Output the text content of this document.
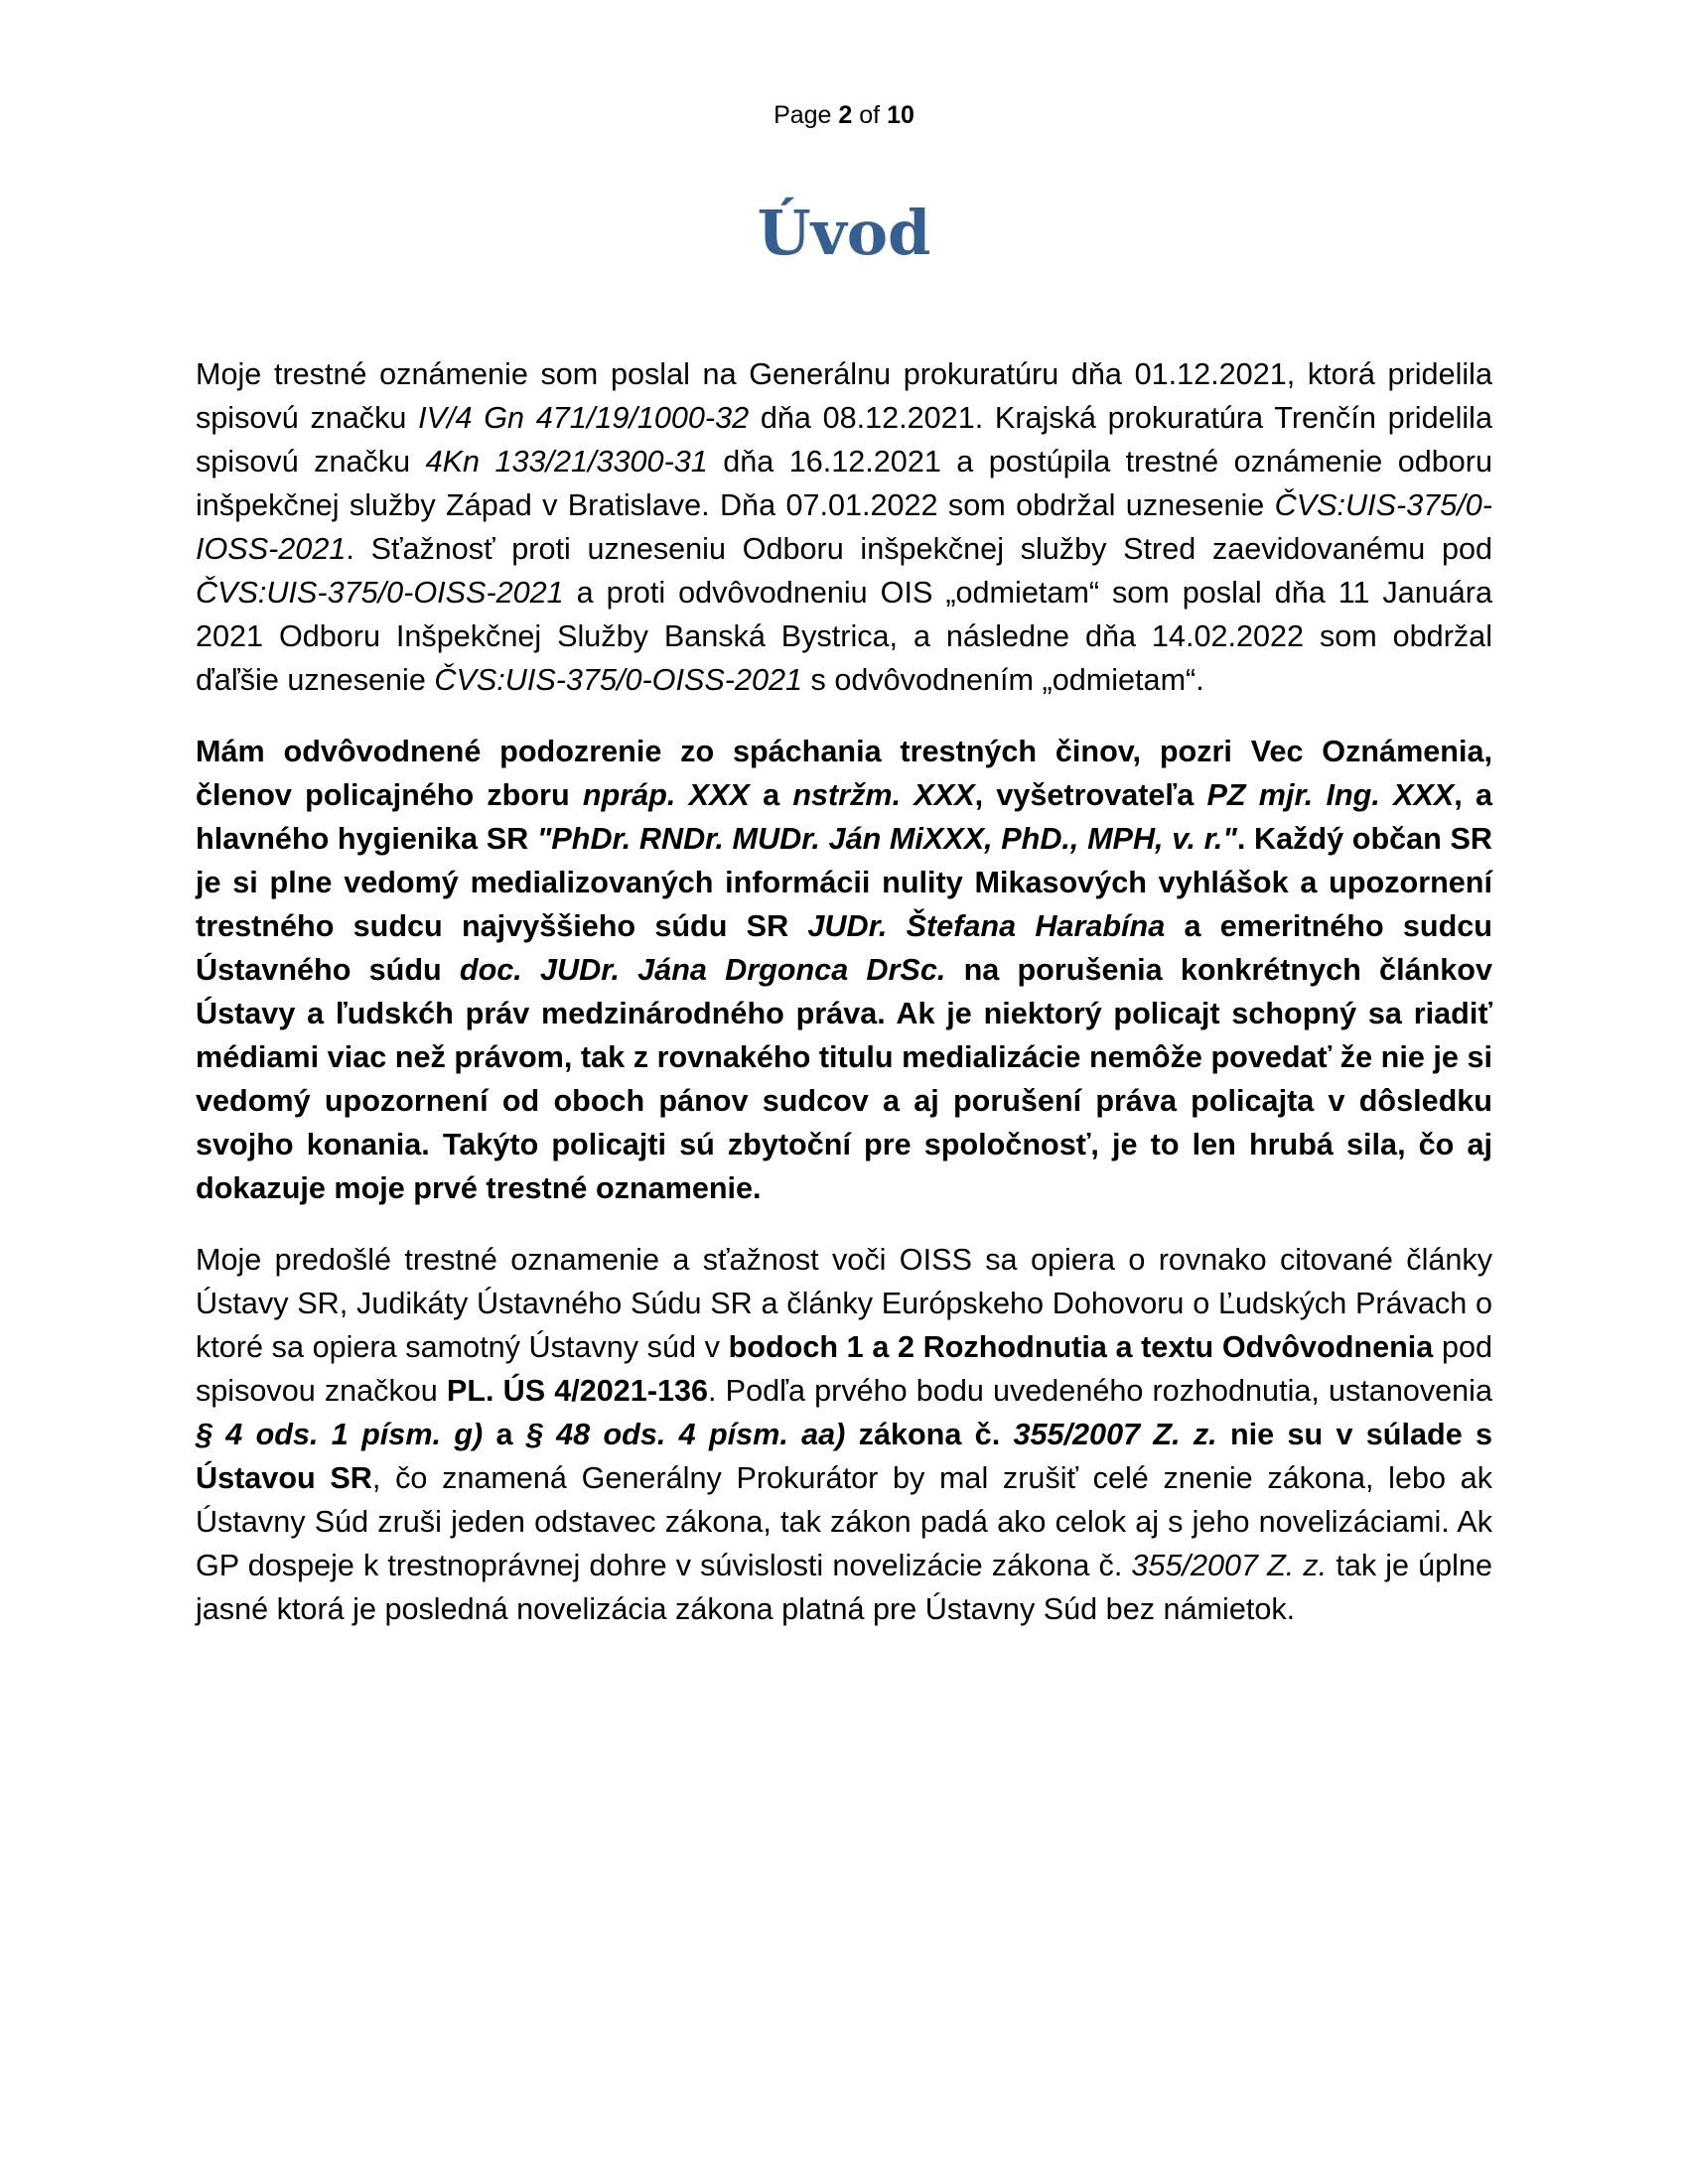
Page 2 of 10
Úvod

Moje trestné oznámenie som poslal na Generálnu prokuratúru dňa 01.12.2021, ktorá pridelila spisovú značku IV/4 Gn 471/19/1000-32 dňa 08.12.2021. Krajská prokuratúra Trenčín pridelila spisovú značku 4Kn 133/21/3300-31 dňa 16.12.2021 a postúpila trestné oznámenie odboru inšpekčnej služby Západ v Bratislave. Dňa 07.01.2022 som obdržal uznesenie ČVS:UIS-375/0-IOSS-2021. Sťažnosť proti uzneseniu Odboru inšpekčnej služby Stred zaevidovanému pod ČVS:UIS-375/0-OISS-2021 a proti odvôvodneniu OIS „odmietam“ som poslal dňa 11 Januára 2021 Odboru Inšpekčnej Služby Banská Bystrica, a následne dňa 14.02.2022 som obdržal ďaľšie uznesenie ČVS:UIS-375/0-OISS-2021 s odvôvodnením „odmietam“.

Mám odvôvodnené podozrenie zo spáchania trestných činov, pozri Vec Oznámenia, členov policajného zboru npráp. XXX a nstržm. XXX, vyšetrovateľa PZ mjr. Ing. XXX, a hlavného hygienika SR "PhDr. RNDr. MUDr. Ján MiXXX, PhD., MPH, v. r.". Každý občan SR je si plne vedomý medializovaných informácii nulity Mikasových vyhlášok a upozornení trestného sudcu najvyššieho súdu SR JUDr. Štefana Harabína a emeritného sudcu Ústavného súdu doc. JUDr. Jána Drgonca DrSc. na porušenia konkrétnych článkov Ústavy a ľudskćh práv medzinárodného práva. Ak je niektorý policajt schopný sa riadiť médiami viac než právom, tak z rovnakého titulu medializácie nemôže povedať že nie je si vedomý upozornení od oboch pánov sudcov a aj porušení práva policajta v dôsledku svojho konania. Takýto policajti sú zbytoční pre spoločnosť, je to len hrubá sila, čo aj dokazuje moje prvé trestné oznamenie.

Moje predošlé trestné oznamenie a sťažnost voči OISS sa opiera o rovnako citované články Ústavy SR, Judikáty Ústavného Súdu SR a články Európskeho Dohovoru o Ľudských Právach o ktoré sa opiera samotný Ústavny súd v bodoch 1 a 2 Rozhodnutia a textu Odvôvodnenia pod spisovou značkou PL. ÚS 4/2021-136. Podľa prvého bodu uvedeného rozhodnutia, ustanovenia § 4 ods. 1 písm. g) a § 48 ods. 4 písm. aa) zákona č. 355/2007 Z. z. nie su v súlade s Ústavou SR, čo znamená Generálny Prokurátor by mal zrušiť celé znenie zákona, lebo ak Ústavny Súd zruši jeden odstavec zákona, tak zákon padá ako celok aj s jeho novelizáciami. Ak GP dospeje k trestnoprávnej dohre v súvislosti novelizácie zákona č. 355/2007 Z. z. tak je úplne jasné ktorá je posledná novelizácia zákona platná pre Ústavny Súd bez námietok.
